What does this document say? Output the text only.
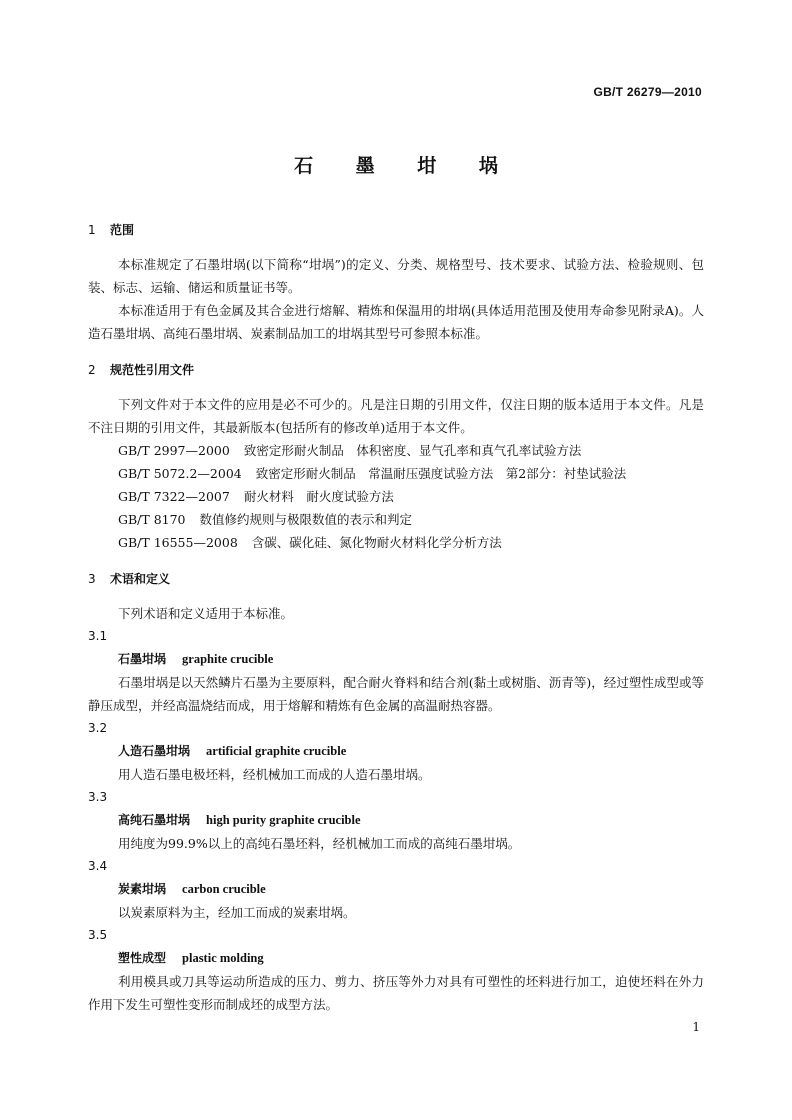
GB/T 26279—2010
石 墨 坩 埚
1 范围

本标准规定了石墨坩埚(以下简称“坩埚”)的定义、分类、规格型号、技术要求、试验方法、检验规则、包装、标志、运输、储运和质量证书等。

本标准适用于有色金属及其合金进行熔解、精炼和保温用的坩埚(具体适用范围及使用寿命参见附录A)。人造石墨坩埚、高纯石墨坩埚、炭素制品加工的坩埚其型号可参照本标准。

2 规范性引用文件

下列文件对于本文件的应用是必不可少的。凡是注日期的引用文件，仅注日期的版本适用于本文件。凡是不注日期的引用文件，其最新版本(包括所有的修改单)适用于本文件。

GB/T 2997—2000 致密定形耐火制品　体积密度、显气孔率和真气孔率试验方法

GB/T 5072.2—2004 致密定形耐火制品　常温耐压强度试验方法　第2部分：衬垫试验法

GB/T 7322—2007 耐火材料　耐火度试验方法

GB/T 8170 数值修约规则与极限数值的表示和判定

GB/T 16555—2008 含碳、碳化硅、氮化物耐火材料化学分析方法

3 术语和定义

下列术语和定义适用于本标准。

3.1

石墨坩埚 graphite crucible

石墨坩埚是以天然鳞片石墨为主要原料，配合耐火脊料和结合剂(黏土或树脂、沥青等)，经过塑性成型或等静压成型，并经高温烧结而成，用于熔解和精炼有色金属的高温耐热容器。

3.2

人造石墨坩埚 artificial graphite crucible

用人造石墨电极坯料，经机械加工而成的人造石墨坩埚。

3.3

高纯石墨坩埚 high purity graphite crucible

用纯度为99.9%以上的高纯石墨坯料，经机械加工而成的高纯石墨坩埚。

3.4

炭素坩埚 carbon crucible

以炭素原料为主，经加工而成的炭素坩埚。

3.5

塑性成型 plastic molding

利用模具或刀具等运动所造成的压力、剪力、挤压等外力对具有可塑性的坯料进行加工，迫使坯料在外力作用下发生可塑性变形而制成坯的成型方法。

1
